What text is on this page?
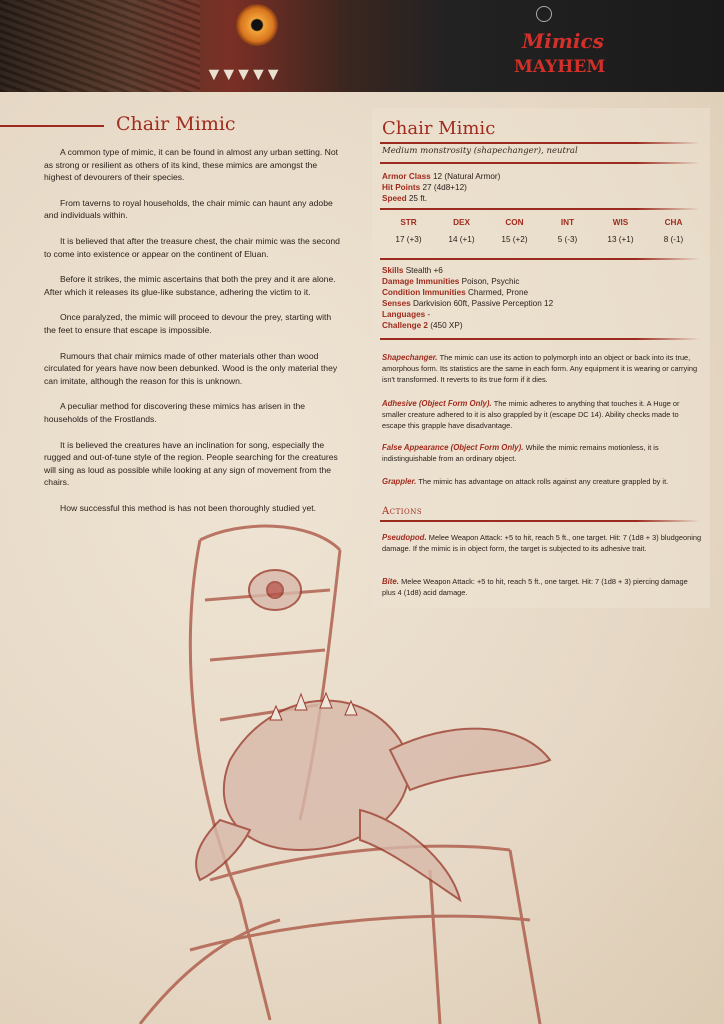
▼▼▼▼▼
Mimics
MAYHEM
Chair Mimic

A common type of mimic, it can be found in almost any urban setting. Not as strong or resilient as others of its kind, these mimics are amongst the highest of devourers of their species.

From taverns to royal households, the chair mimic can haunt any adobe and individuals within.

It is believed that after the treasure chest, the chair mimic was the second to come into existence or appear on the continent of Eluan.

Before it strikes, the mimic ascertains that both the prey and it are alone. After which it releases its glue-like substance, adhering the victim to it.

Once paralyzed, the mimic will proceed to devour the prey, starting with the feet to ensure that escape is impossible.

Rumours that chair mimics made of other materials other than wood circulated for years have now been debunked. Wood is the only material they can imitate, although the reason for this is unknown.

A peculiar method for discovering these mimics has arisen in the households of the Frostlands.

It is believed the creatures have an inclination for song, especially the rugged and out-of-tune style of the region. People searching for the creatures will sing as loud as possible while looking at any sign of movement from the chairs.

How successful this method is has not been thoroughly studied yet.

Chair Mimic
Medium monstrosity (shapechanger), neutral
Armor Class 12 (Natural Armor)
Hit Points 27 (4d8+12)
Speed 25 ft.
STR	DEX	CON	INT	WIS	CHA
17 (+3)	14 (+1)	15 (+2)	5 (-3)	13 (+1)	8 (-1)
Skills Stealth +6
Damage Immunities Poison, Psychic
Condition Immunities Charmed, Prone
Senses Darkvision 60ft, Passive Perception 12
Languages -
Challenge 2 (450 XP)

Shapechanger. The mimic can use its action to polymorph into an object or back into its true, amorphous form. Its statistics are the same in each form. Any equipment it is wearing or carrying isn't transformed. It reverts to its true form if it dies.

Adhesive (Object Form Only). The mimic adheres to anything that touches it. A Huge or smaller creature adhered to it is also grappled by it (escape DC 14). Ability checks made to escape this grapple have disadvantage.

False Appearance (Object Form Only). While the mimic remains motionless, it is indistinguishable from an ordinary object.

Grappler. The mimic has advantage on attack rolls against any creature grappled by it.

Actions

Pseudopod. Melee Weapon Attack: +5 to hit, reach 5 ft., one target. Hit: 7 (1d8 + 3) bludgeoning damage. If the mimic is in object form, the target is subjected to its adhesive trait.

Bite. Melee Weapon Attack: +5 to hit, reach 5 ft., one target. Hit: 7 (1d8 + 3) piercing damage plus 4 (1d8) acid damage.
